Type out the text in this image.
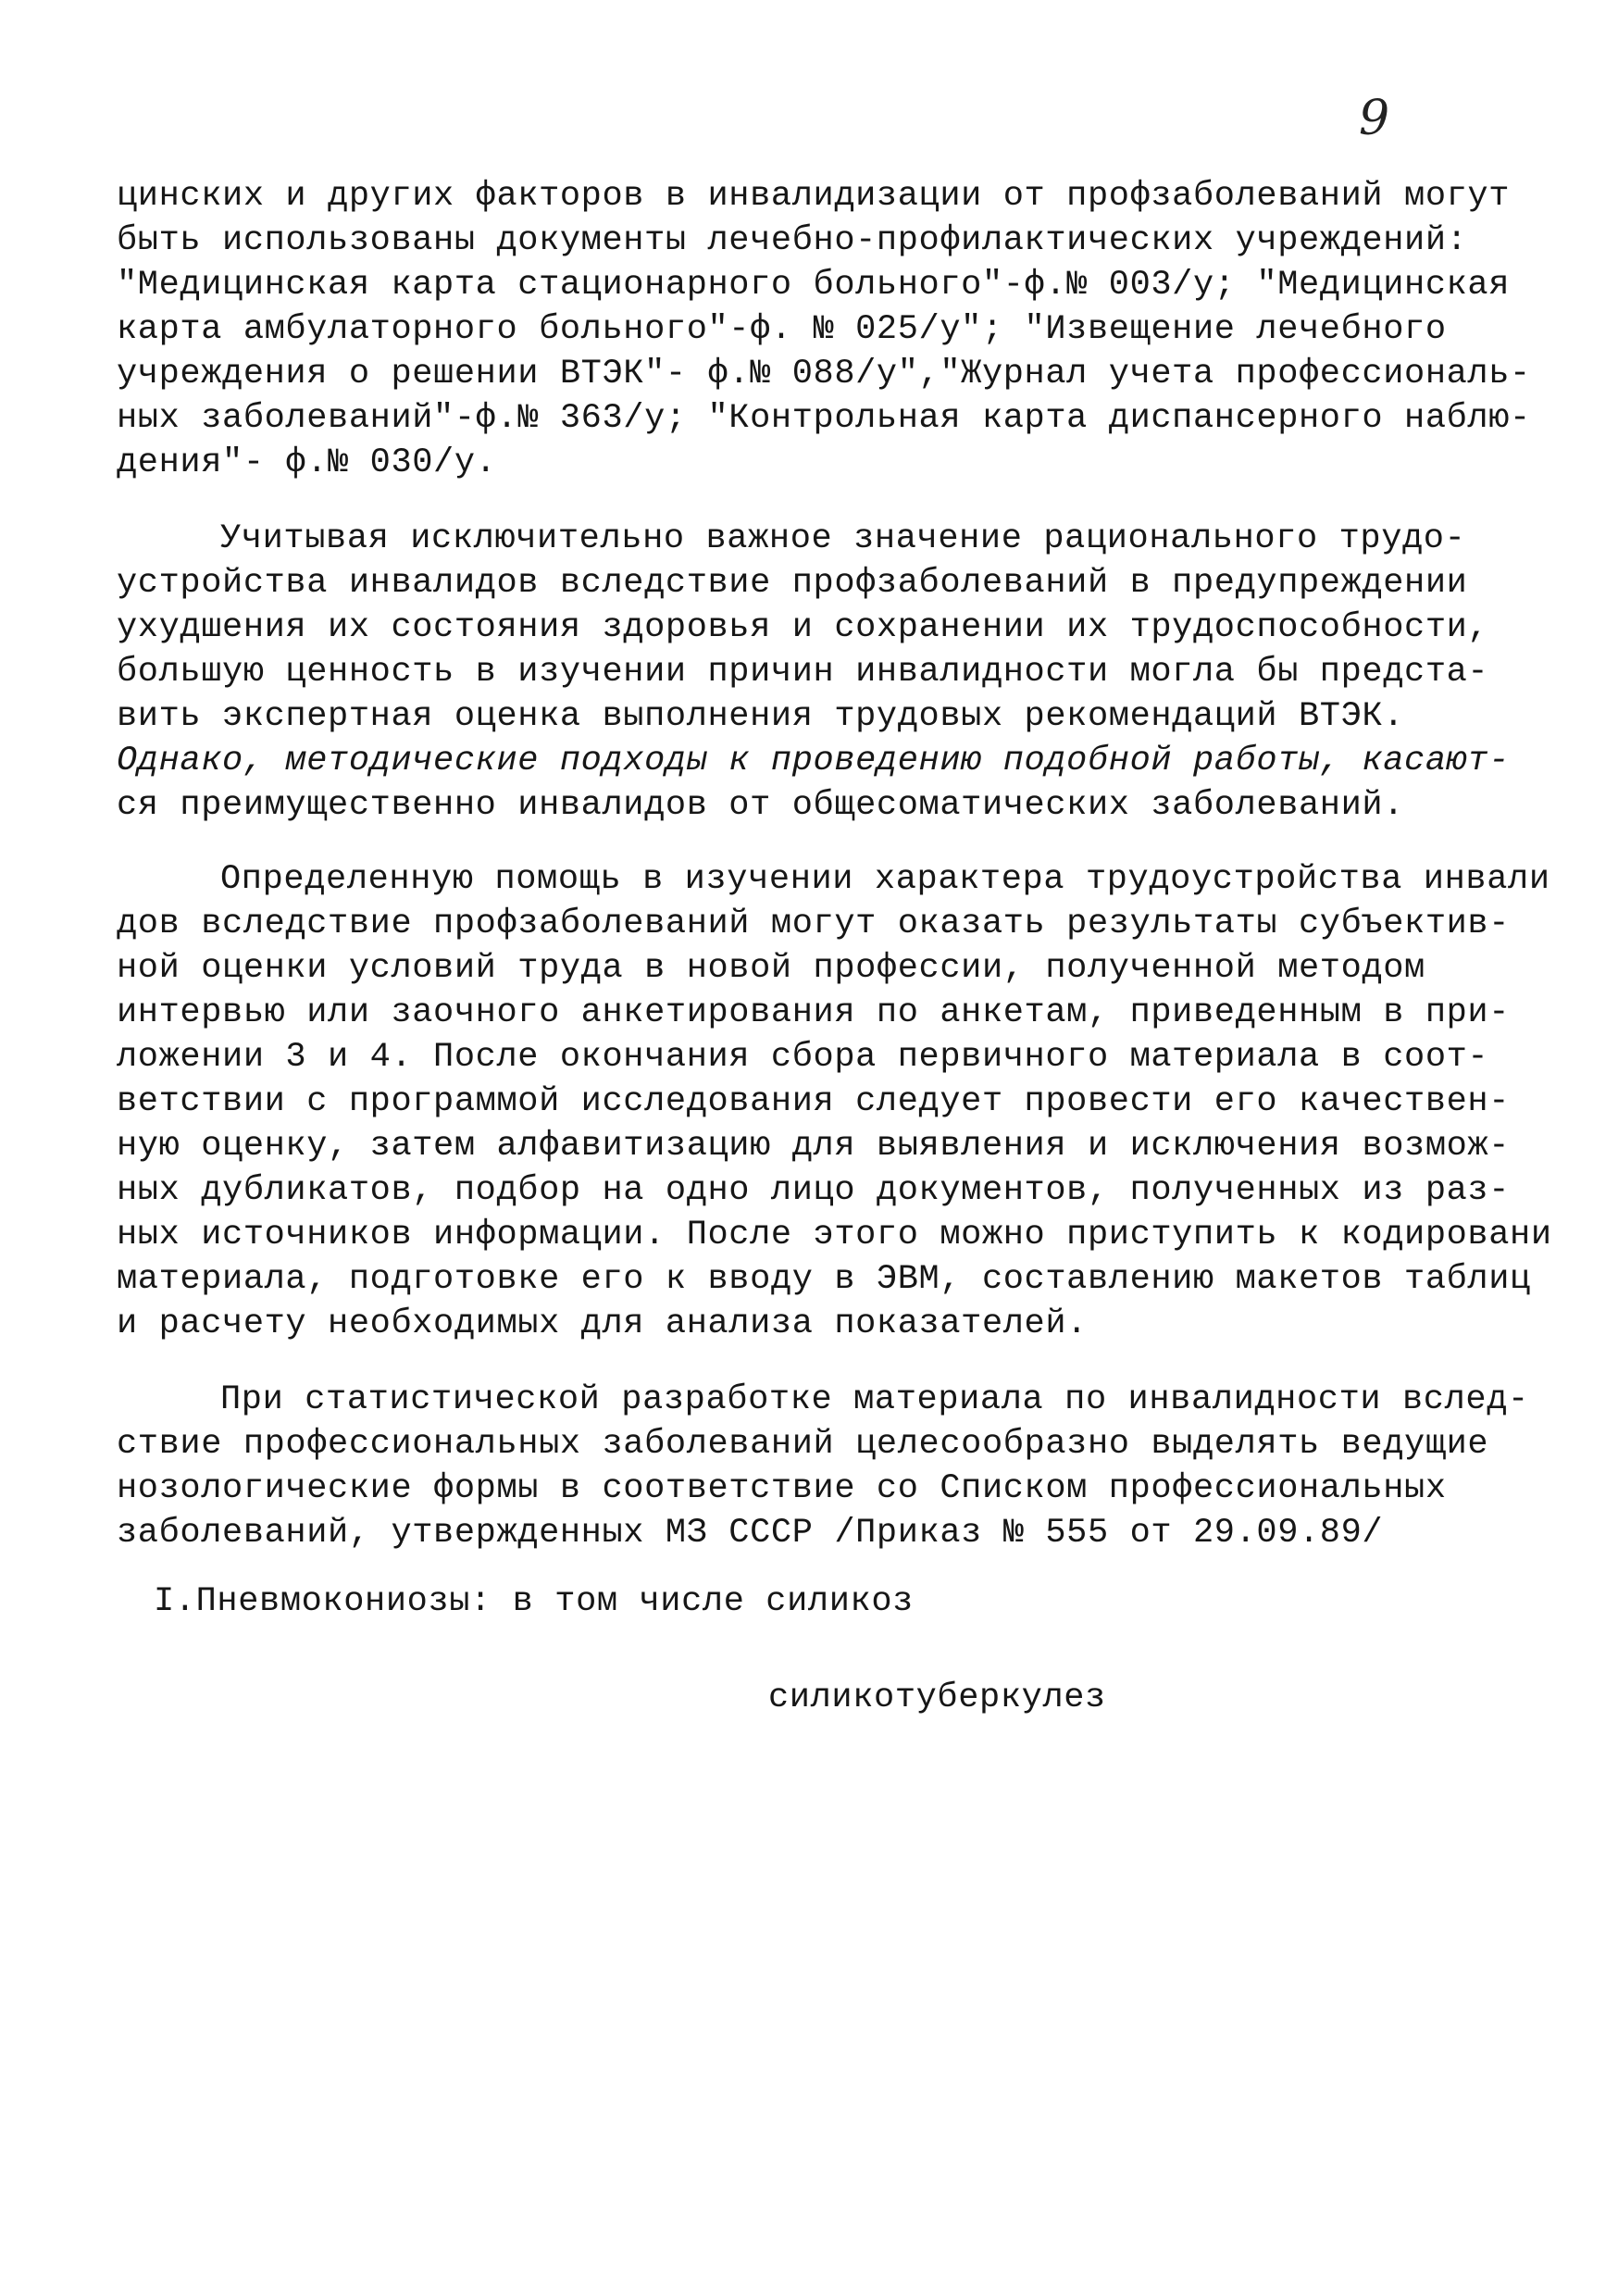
9
цинских и других факторов в инвалидизации от профзаболеваний могут
быть использованы документы лечебно-профилактических учреждений:
"Медицинская карта стационарного больного"-ф.№ 003/у; "Медицинская
карта амбулаторного больного"-ф. № 025/у"; "Извещение лечебного
учреждения о решении ВТЭК"- ф.№ 088/у","Журнал учета профессиональ-
ных заболеваний"-ф.№ 363/у; "Контрольная карта диспансерного наблю-
дения"- ф.№ 030/у.
Учитывая исключительно важное значение рационального трудо-
устройства инвалидов вследствие профзаболеваний в предупреждении
ухудшения их состояния здоровья и сохранении их трудоспособности,
большую ценность в изучении причин инвалидности могла бы предста-
вить экспертная оценка выполнения трудовых рекомендаций ВТЭК.
Однако, методические подходы к проведению подобной работы, касают-
ся преимущественно инвалидов от общесоматических заболеваний.
Определенную помощь в изучении характера трудоустройства инвали
дов вследствие профзаболеваний могут оказать результаты субъектив-
ной оценки условий труда в новой профессии, полученной методом
интервью или заочного анкетирования по анкетам, приведенным в при-
ложении 3 и 4. После окончания сбора первичного материала в соот-
ветствии с программой исследования следует провести его качествен-
ную оценку, затем алфавитизацию для выявления и исключения возмож-
ных дубликатов, подбор на одно лицо документов, полученных из раз-
ных источников информации. После этого можно приступить к кодировани
материала, подготовке его к вводу в ЭВМ, составлению макетов таблиц
и расчету необходимых для анализа показателей.
При статистической разработке материала по инвалидности вслед-
ствие профессиональных заболеваний целесообразно выделять ведущие
нозологические формы в соответствие со Списком профессиональных
заболеваний, утвержденных МЗ СССР /Приказ № 555 от 29.09.89/
I.Пневмокониозы: в том числе силикоз
силикотуберкулез
